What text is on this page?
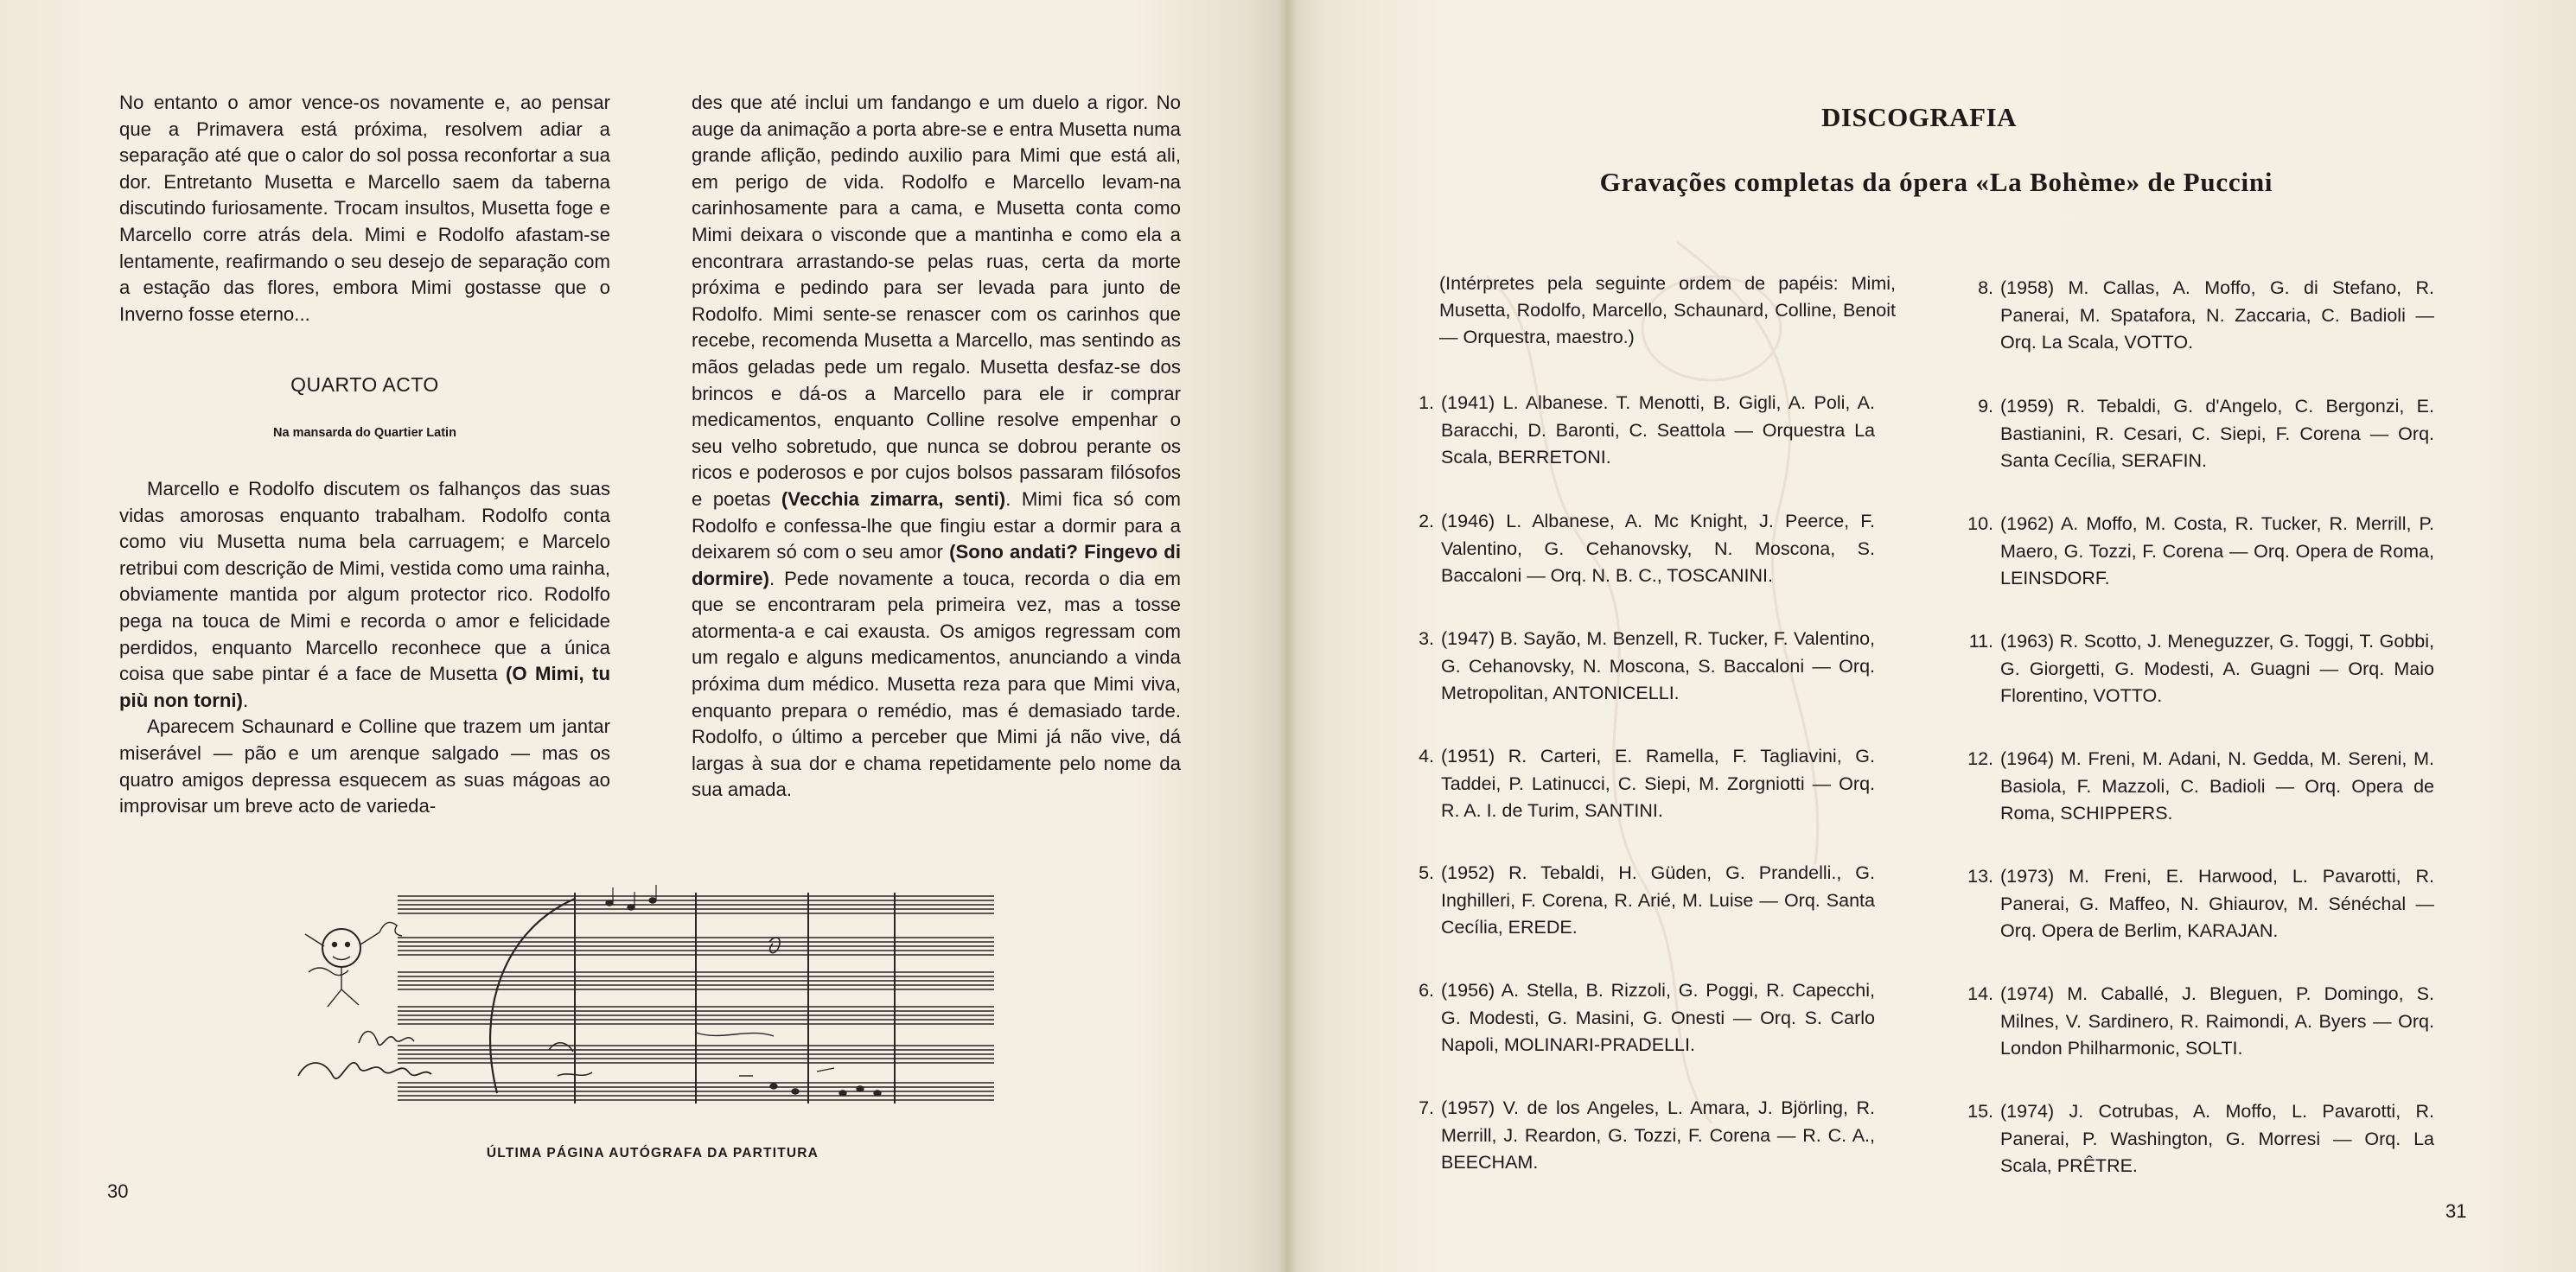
No entanto o amor vence-os novamente e, ao pensar que a Primavera está próxima, resolvem adiar a separação até que o calor do sol possa reconfortar a sua dor. Entretanto Musetta e Marcello saem da taberna discutindo furiosamente. Trocam insultos, Musetta foge e Marcello corre atrás dela. Mimi e Rodolfo afastam-se lentamente, reafirmando o seu desejo de separação com a estação das flores, embora Mimi gostasse que o Inverno fosse eterno...

QUARTO ACTO
Na mansarda do Quartier Latin

Marcello e Rodolfo discutem os falhanços das suas vidas amorosas enquanto trabalham. Rodolfo conta como viu Musetta numa bela carruagem; e Marcelo retribui com descrição de Mimi, vestida como uma rainha, obviamente mantida por algum protector rico. Rodolfo pega na touca de Mimi e recorda o amor e felicidade perdidos, enquanto Marcello reconhece que a única coisa que sabe pintar é a face de Musetta (O Mimi, tu più non torni).

Aparecem Schaunard e Colline que trazem um jantar miserável — pão e um arenque salgado — mas os quatro amigos depressa esquecem as suas mágoas ao improvisar um breve acto de varieda-

des que até inclui um fandango e um duelo a rigor. No auge da animação a porta abre-se e entra Musetta numa grande aflição, pedindo auxilio para Mimi que está ali, em perigo de vida. Rodolfo e Marcello levam-na carinhosamente para a cama, e Musetta conta como Mimi deixara o visconde que a mantinha e como ela a encontrara arrastando-se pelas ruas, certa da morte próxima e pedindo para ser levada para junto de Rodolfo. Mimi sente-se renascer com os carinhos que recebe, recomenda Musetta a Marcello, mas sentindo as mãos geladas pede um regalo. Musetta desfaz-se dos brincos e dá-os a Marcello para ele ir comprar medicamentos, enquanto Colline resolve empenhar o seu velho sobretudo, que nunca se dobrou perante os ricos e poderosos e por cujos bolsos passaram filósofos e poetas (Vecchia zimarra, senti). Mimi fica só com Rodolfo e confessa-lhe que fingiu estar a dormir para a deixarem só com o seu amor (Sono andati? Fingevo di dormire). Pede novamente a touca, recorda o dia em que se encontraram pela primeira vez, mas a tosse atormenta-a e cai exausta. Os amigos regressam com um regalo e alguns medicamentos, anunciando a vinda próxima dum médico. Musetta reza para que Mimi viva, enquanto prepara o remédio, mas é demasiado tarde. Rodolfo, o último a perceber que Mimi já não vive, dá largas à sua dor e chama repetidamente pelo nome da sua amada.

ÚLTIMA PÁGINA AUTÓGRAFA DA PARTITURA
30
DISCOGRAFIA
Gravações completas da ópera «La Bohème» de Puccini
(Intérpretes pela seguinte ordem de papéis: Mimi, Musetta, Rodolfo, Marcello, Schaunard, Colline, Benoit — Orquestra, maestro.)
1. (1941) L. Albanese. T. Menotti, B. Gigli, A. Poli, A. Baracchi, D. Baronti, C. Seattola — Orquestra La Scala, BERRETONI.
2. (1946) L. Albanese, A. Mc Knight, J. Peerce, F. Valentino, G. Cehanovsky, N. Moscona, S. Baccaloni — Orq. N. B. C., TOSCANINI.
3. (1947) B. Sayão, M. Benzell, R. Tucker, F. Valentino, G. Cehanovsky, N. Moscona, S. Baccaloni — Orq. Metropolitan, ANTONICELLI.
4. (1951) R. Carteri, E. Ramella, F. Tagliavini, G. Taddei, P. Latinucci, C. Siepi, M. Zorgniotti — Orq. R. A. I. de Turim, SANTINI.
5. (1952) R. Tebaldi, H. Güden, G. Prandelli., G. Inghilleri, F. Corena, R. Arié, M. Luise — Orq. Santa Cecília, EREDE.
6. (1956) A. Stella, B. Rizzoli, G. Poggi, R. Capecchi, G. Modesti, G. Masini, G. Onesti — Orq. S. Carlo Napoli, MOLINARI-PRADELLI.
7. (1957) V. de los Angeles, L. Amara, J. Björling, R. Merrill, J. Reardon, G. Tozzi, F. Corena — R. C. A., BEECHAM.
8. (1958) M. Callas, A. Moffo, G. di Stefano, R. Panerai, M. Spatafora, N. Zaccaria, C. Badioli — Orq. La Scala, VOTTO.
9. (1959) R. Tebaldi, G. d'Angelo, C. Bergonzi, E. Bastianini, R. Cesari, C. Siepi, F. Corena — Orq. Santa Cecília, SERAFIN.
10. (1962) A. Moffo, M. Costa, R. Tucker, R. Merrill, P. Maero, G. Tozzi, F. Corena — Orq. Opera de Roma, LEINSDORF.
11. (1963) R. Scotto, J. Meneguzzer, G. Toggi, T. Gobbi, G. Giorgetti, G. Modesti, A. Guagni — Orq. Maio Florentino, VOTTO.
12. (1964) M. Freni, M. Adani, N. Gedda, M. Sereni, M. Basiola, F. Mazzoli, C. Badioli — Orq. Opera de Roma, SCHIPPERS.
13. (1973) M. Freni, E. Harwood, L. Pavarotti, R. Panerai, G. Maffeo, N. Ghiaurov, M. Sénéchal — Orq. Opera de Berlim, KARAJAN.
14. (1974) M. Caballé, J. Bleguen, P. Domingo, S. Milnes, V. Sardinero, R. Raimondi, A. Byers — Orq. London Philharmonic, SOLTI.
15. (1974) J. Cotrubas, A. Moffo, L. Pavarotti, R. Panerai, P. Washington, G. Morresi — Orq. La Scala, PRÊTRE.
31
